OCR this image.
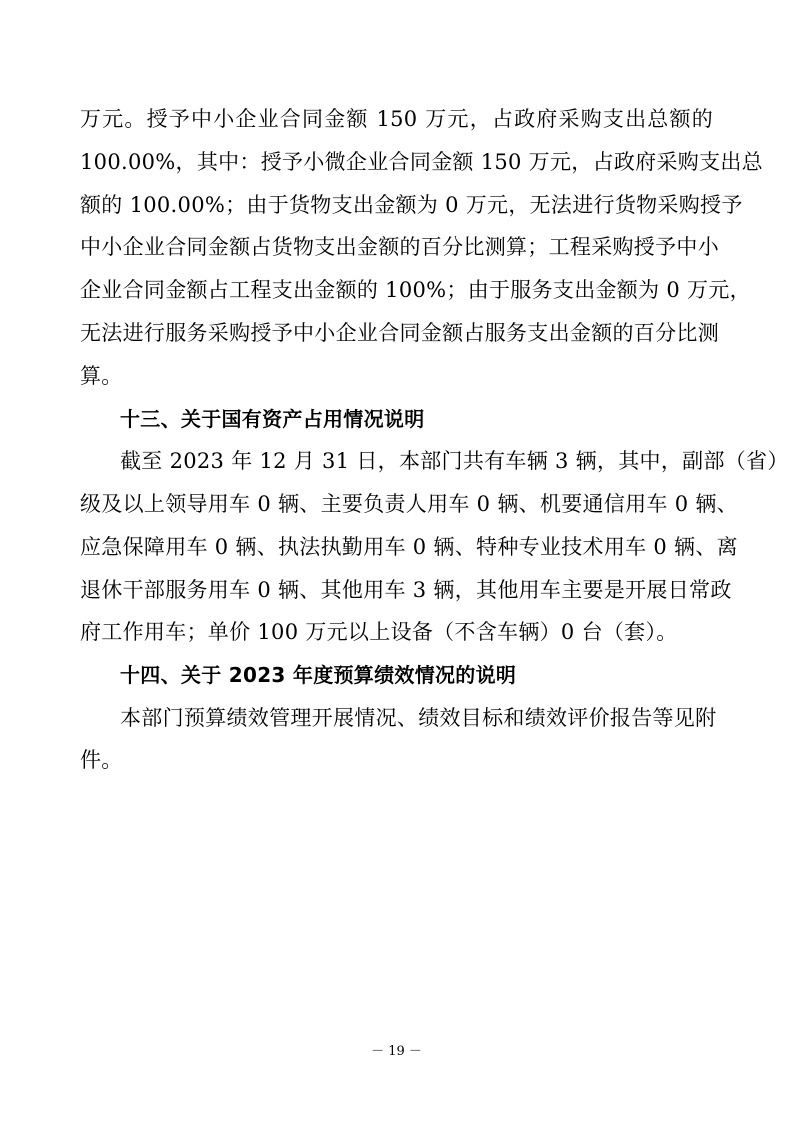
万元。授予中小企业合同金额 150 万元，占政府采购支出总额的
100.00%，其中：授予小微企业合同金额 150 万元，占政府采购支出总
额的 100.00%；由于货物支出金额为 0 万元，无法进行货物采购授予
中小企业合同金额占货物支出金额的百分比测算；工程采购授予中小
企业合同金额占工程支出金额的 100%；由于服务支出金额为 0 万元，
无法进行服务采购授予中小企业合同金额占服务支出金额的百分比测
算。
十三、关于国有资产占用情况说明
截至 2023 年 12 月 31 日，本部门共有车辆 3 辆，其中，副部（省）
级及以上领导用车 0 辆、主要负责人用车 0 辆、机要通信用车 0 辆、
应急保障用车 0 辆、执法执勤用车 0 辆、特种专业技术用车 0 辆、离
退休干部服务用车 0 辆、其他用车 3 辆，其他用车主要是开展日常政
府工作用车；单价 100 万元以上设备（不含车辆）0 台（套）。
十四、关于 2023 年度预算绩效情况的说明
本部门预算绩效管理开展情况、绩效目标和绩效评价报告等见附
件。
－ 19 －
